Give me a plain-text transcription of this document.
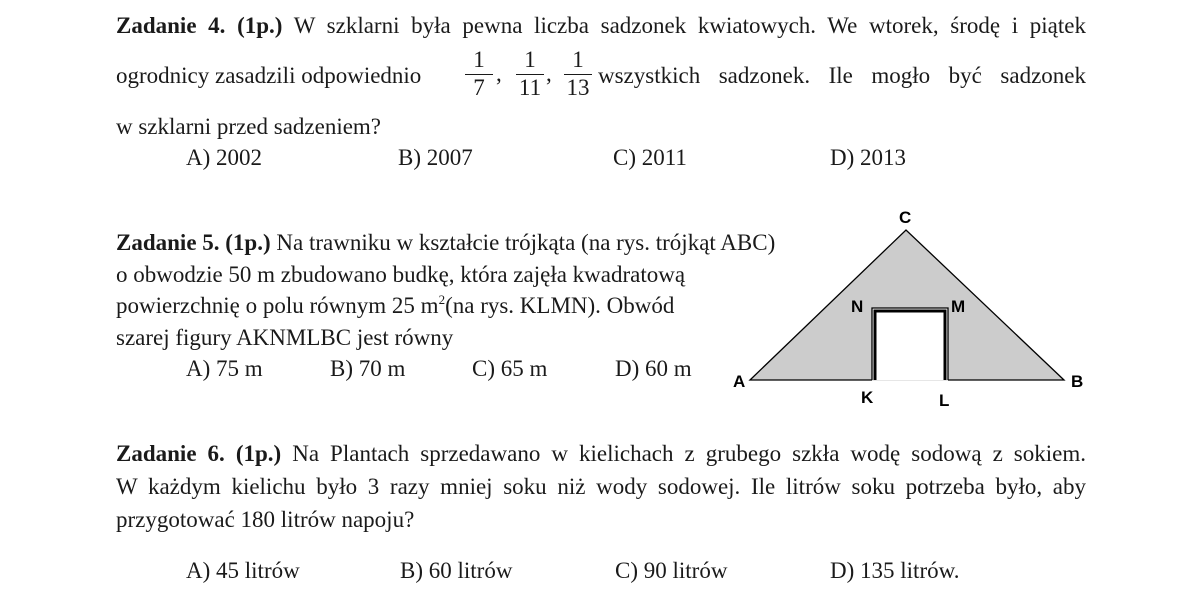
Zadanie 4. (1p.) W szklarni była pewna liczba sadzonek kwiatowych. We wtorek, środę i piątek
ogrodnicy zasadzili odpowiednio
1
7
,
1
11
,
1
13 wszystkich sadzonek. Ile mogło być sadzonek
w szklarni przed sadzeniem?
A) 2002	B) 2007	C) 2011	D) 2013
Zadanie 5. (1p.) Na trawniku w kształcie trójkąta (na rys. trójkąt ABC)
o obwodzie 50 m zbudowano budkę, która zajęła kwadratową
powierzchnię o polu równym 25 $m^2(na$ rys. KLMN). Obwód
szarej figury AKNMLBC jest równy
A) 75 m	B) 70 m	C) 65 m	D) 60 m
C
A	B
N	M
K	L
Zadanie 6. (1p.) Na Plantach sprzedawano w kielichach z grubego szkła wodę sodową z sokiem.
W każdym kielichu było 3 razy mniej soku niż wody sodowej. Ile litrów soku potrzeba było, aby
przygotować 180 litrów napoju?
A) 45 litrów	B) 60 litrów	C) 90 litrów	D) 135 litrów.
